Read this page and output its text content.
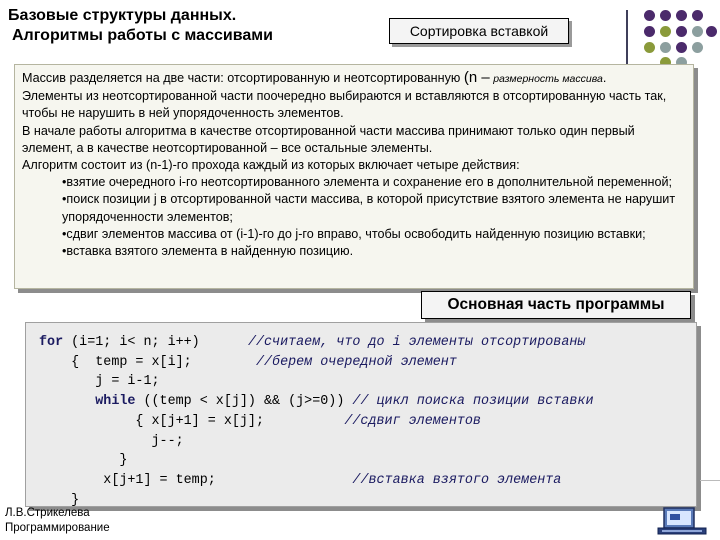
Базовые структуры данных.
Алгоритмы работы с массивами	Сортировка вставкой

Массив разделяется на две части: отсортированную и неотсортированную (n – размерность массива.

Элементы из неотсортированной части поочередно выбираются и вставляются в отсортированную часть так, чтобы не нарушить в ней упорядоченность элементов.

В начале работы алгоритма в качестве отсортированной части массива принимают только один первый элемент, а в качестве неотсортированной – все остальные элементы.

Алгоритм состоит из (n-1)-го прохода каждый из которых включает четыре действия:

•взятие очередного i-го неотсортированного элемента и сохранение его в дополнительной переменной;

•поиск позиции j в отсортированной части массива, в которой присутствие взятого элемента не нарушит упорядоченности элементов;

•сдвиг элементов массива от (i-1)-го до j-го вправо, чтобы освободить найденную позицию вставки;

•вставка взятого элемента в найденную позицию.

Основная часть программы
for (i=1; i< n; i++)      //считаем, что до i элементы отсортированы
{  temp = x[i];        //берем очередной элемент
j = i-1;
while ((temp < x[j]) && (j>=0)) // цикл поиска позиции вставки
{ x[j+1] = x[j];          //сдвиг элементов
j--;
}
x[j+1] = temp;                 //вставка взятого элемента
}
Л.В.Стрикелева
Программирование
